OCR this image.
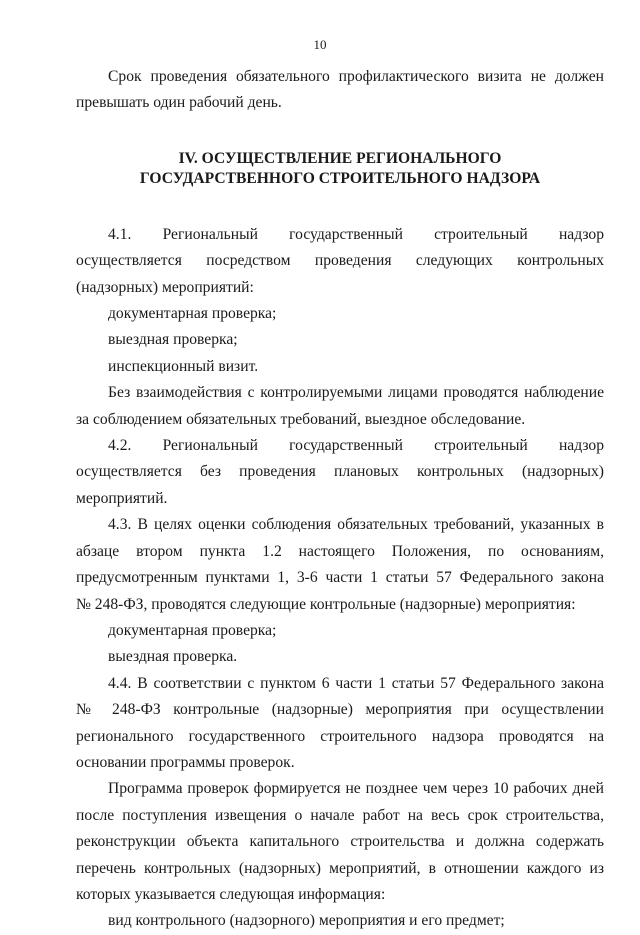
10

Срок проведения обязательного профилактического визита не должен

превышать один рабочий день.

IV. ОСУЩЕСТВЛЕНИЕ РЕГИОНАЛЬНОГО
ГОСУДАРСТВЕННОГО СТРОИТЕЛЬНОГО НАДЗОРА

4.1. Региональный государственный строительный надзор осуществляется посредством проведения следующих контрольных (надзорных) мероприятий:

документарная проверка;

выездная проверка;

инспекционный визит.

Без взаимодействия с контролируемыми лицами проводятся наблюдение за соблюдением обязательных требований, выездное обследование.

4.2. Региональный государственный строительный надзор осуществляется без проведения плановых контрольных (надзорных) мероприятий.

4.3. В целях оценки соблюдения обязательных требований, указанных в

абзаце втором пункта 1.2 настоящего Положения, по основаниям,

предусмотренным пунктами 1, 3-6 части 1 статьи 57 Федерального закона

№ 248-ФЗ, проводятся следующие контрольные (надзорные) мероприятия:

документарная проверка;

выездная проверка.

4.4. В соответствии с пунктом 6 части 1 статьи 57 Федерального закона

№ 248-ФЗ контрольные (надзорные) мероприятия при осуществлении

регионального государственного строительного надзора проводятся на

основании программы проверок.

Программа проверок формируется не позднее чем через 10 рабочих дней после поступления извещения о начале работ на весь срок строительства, реконструкции объекта капитального строительства и должна содержать перечень контрольных (надзорных) мероприятий, в отношении каждого из которых указывается следующая информация:

вид контрольного (надзорного) мероприятия и его предмет;
